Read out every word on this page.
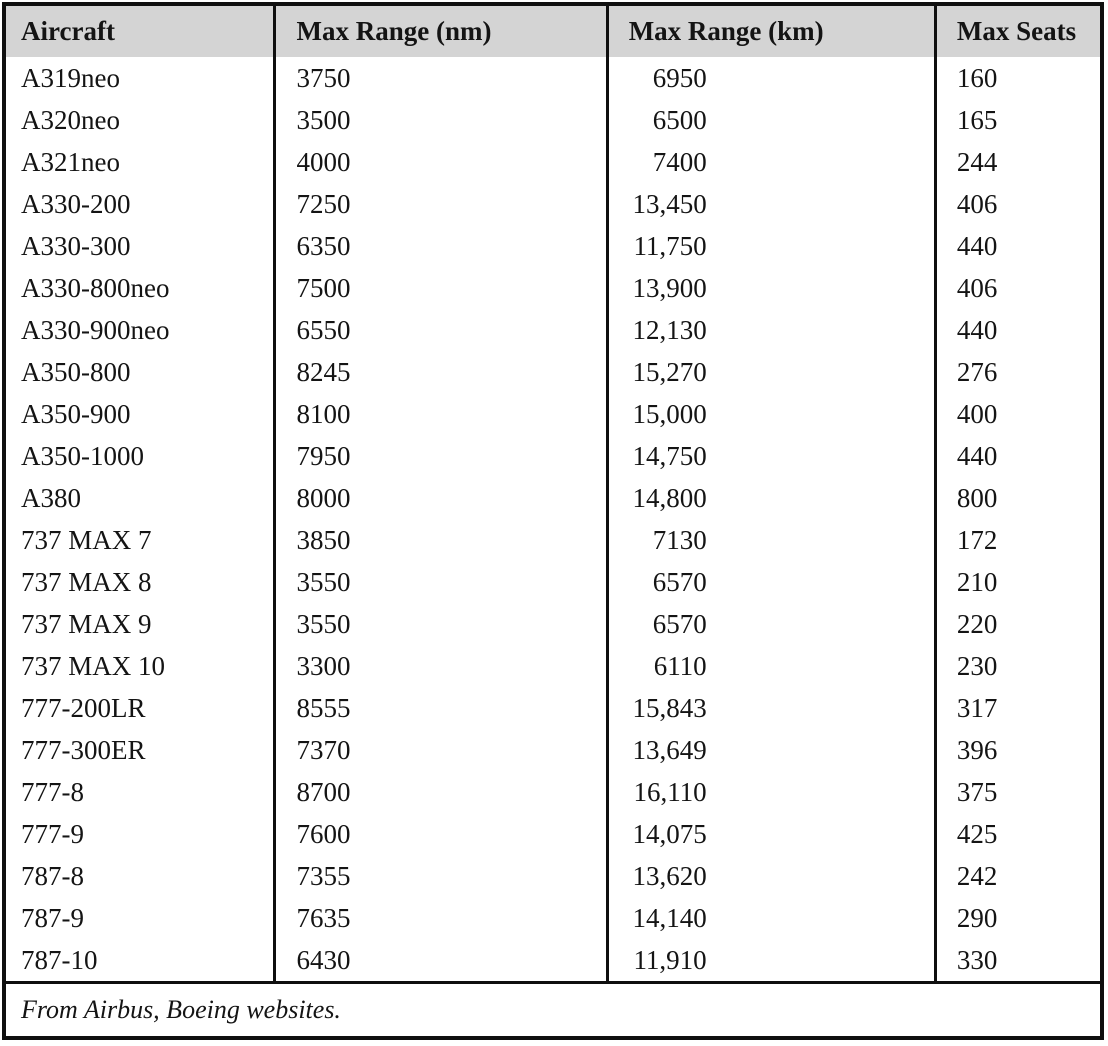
Aircraft	Max Range (nm)	Max Range (km)	Max Seats
A319neo	3750	6950	160
A320neo	3500	6500	165
A321neo	4000	7400	244
A330-200	7250	13,450	406
A330-300	6350	11,750	440
A330-800neo	7500	13,900	406
A330-900neo	6550	12,130	440
A350-800	8245	15,270	276
A350-900	8100	15,000	400
A350-1000	7950	14,750	440
A380	8000	14,800	800
737 MAX 7	3850	7130	172
737 MAX 8	3550	6570	210
737 MAX 9	3550	6570	220
737 MAX 10	3300	6110	230
777-200LR	8555	15,843	317
777-300ER	7370	13,649	396
777-8	8700	16,110	375
777-9	7600	14,075	425
787-8	7355	13,620	242
787-9	7635	14,140	290
787-10	6430	11,910	330
From Airbus, Boeing websites.			
